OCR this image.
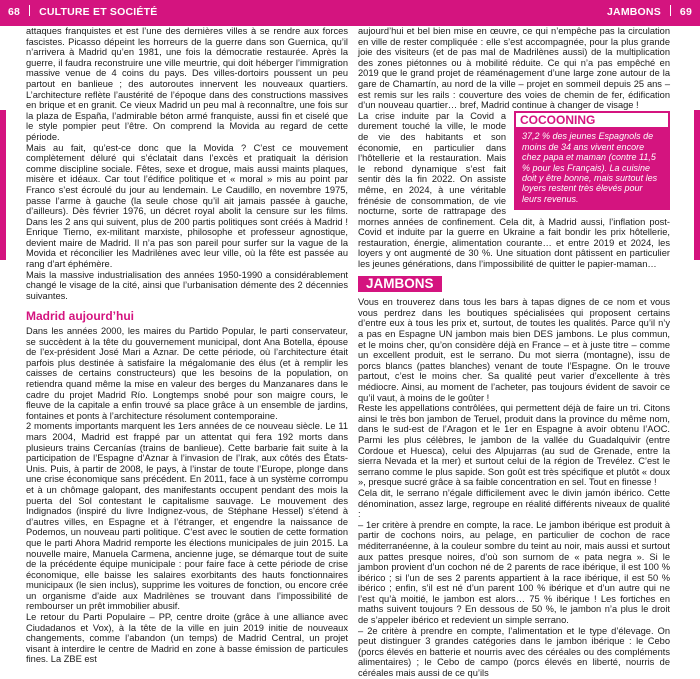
68 CULTURE ET SOCIÉTÉ	JAMBONS 69

attaques franquistes et est l’une des dernières villes à se rendre aux forces fascistes. Picasso dépeint les horreurs de la guerre dans son Guernica, qu’il n’arrivera à Madrid qu’en 1981, une fois la démocratie restaurée. Après la guerre, il faudra reconstruire une ville meurtrie, qui doit héberger l’immigration massive venue de 4 coins du pays. Des villes-dortoirs poussent un peu partout en banlieue ; des autoroutes innervent les nouveaux quartiers. L’architecture reflète l’austérité de l’époque dans des constructions massives en brique et en granit. Ce vieux Madrid un peu mal à reconnaître, une fois sur la plaza de España, l’admirable béton armé franquiste, aussi fin et ciselé que le style pompier peut l’être. On comprend la Movida au regard de cette période.

Mais au fait, qu’est-ce donc que la Movida ? C’est ce mouvement complètement déluré qui s’éclatait dans l’excès et pratiquait la dérision comme discipline sociale. Fêtes, sexe et drogue, mais aussi maints plaques, misère et idéaux. Car tout l’édifice politique et « moral » mis au point par Franco s’est écroulé du jour au lendemain. Le Caudillo, en novembre 1975, passe l’arme à gauche (la seule chose qu’il ait jamais passée à gauche, d’ailleurs). Dès février 1976, un décret royal abolit la censure sur les films. Dans les 2 ans qui suivent, plus de 200 partis politiques sont créés à Madrid ! Enrique Tierno, ex-militant marxiste, philosophe et professeur agnostique, devient maire de Madrid. Il n’a pas son pareil pour surfer sur la vague de la Movida et réconcilier les Madrilènes avec leur ville, où la fête est passée au rang d’art éphémère.

Mais la massive industrialisation des années 1950-1990 a considérablement changé le visage de la cité, ainsi que l’urbanisation démente des 2 décennies suivantes.

Madrid aujourd’hui

Dans les années 2000, les maires du Partido Popular, le parti conservateur, se succèdent à la tête du gouvernement municipal, dont Ana Botella, épouse de l’ex-président José Mari a Aznar. De cette période, où l’architecture était parfois plus destinée à satisfaire la mégalomanie des élus (et à remplir les caisses de certains constructeurs) que les besoins de la population, on retiendra quand même la mise en valeur des berges du Manzanares dans le cadre du projet Madrid Río. Longtemps snobé pour son maigre cours, le fleuve de la capitale a enfin trouvé sa place grâce à un ensemble de jardins, fontaines et ponts à l’architecture résolument contemporaine.

2 moments importants marquent les 1ers années de ce nouveau siècle. Le 11 mars 2004, Madrid est frappé par un attentat qui fera 192 morts dans plusieurs trains Cercanías (trains de banlieue). Cette barbarie fait suite à la participation de l’Espagne d’Aznar à l’invasion de l’Irak, aux côtés des États-Unis. Puis, à partir de 2008, le pays, à l’instar de toute l’Europe, plonge dans une crise économique sans précédent. En 2011, face à un système corrompu et à un chômage galopant, des manifestants occupent pendant des mois la puerta del Sol contestant le capitalisme sauvage. Le mouvement des Indignados (inspiré du livre Indignez-vous, de Stéphane Hessel) s’étend à d’autres villes, en Espagne et à l’étranger, et engendre la naissance de Podemos, un nouveau parti politique. C’est avec le soutien de cette formation que le parti Ahora Madrid remporte les élections municipales de juin 2015. La nouvelle maire, Manuela Carmena, ancienne juge, se démarque tout de suite de la précédente équipe municipale : pour faire face à cette période de crise économique, elle baisse les salaires exorbitants des hauts fonctionnaires municipaux (le sien inclus), supprime les voitures de fonction, ou encore crée un organisme d’aide aux Madrilènes se trouvant dans l’impossibilité de rembourser un prêt immobilier abusif.

Le retour du Parti Populaire – PP, centre droite (grâce à une alliance avec Ciudadanos et Vox), à la tête de la ville en juin 2019 initie de nouveaux changements, comme l’abandon (un temps) de Madrid Central, un projet visant à interdire le centre de Madrid en zone à basse émission de particules fines. La ZBE est

aujourd’hui et bel bien mise en œuvre, ce qui n’empêche pas la circulation en ville de rester compliquée : elle s’est accompagnée, pour la plus grande joie des visiteurs (et de pas mal de Madrilènes aussi) de la multiplication des zones piétonnes ou à mobilité réduite. Ce qui n’a pas empêché en 2019 que le grand projet de réaménagement d’une large zone autour de la gare de Chamartín, au nord de la ville – projet en sommeil depuis 25 ans – est remis sur les rails : couverture des voies de chemin de fer, édification d’un nouveau quartier… bref, Madrid continue à changer de visage !

COCOONING
37,2 % des jeunes Espagnols de moins de 34 ans vivent encore chez papa et maman (contre 11,5 % pour les Français). La cuisine doit y être bonne, mais surtout les loyers restent très élevés pour leurs revenus.

La crise induite par la Covid a durement touché la ville, le mode de vie des habitants et son économie, en particulier dans l’hôtellerie et la restauration. Mais le rebond dynamique s’est fait sentir dès la fin 2022. On assiste même, en 2024, à une véritable frénésie de consommation, de vie nocturne, sorte de rattrapage des mornes années de confinement. Cela dit, à Madrid aussi, l’inflation post-Covid et induite par la guerre en Ukraine a fait bondir les prix hôtellerie, restauration, énergie, alimentation courante… et entre 2019 et 2024, les loyers y ont augmenté de 30 %. Une situation dont pâtissent en particulier les jeunes générations, dans l’impossibilité de quitter le papier-maman…

JAMBONS

Vous en trouverez dans tous les bars à tapas dignes de ce nom et vous vous perdrez dans les boutiques spécialisées qui proposent certains d’entre eux à tous les prix et, surtout, de toutes les qualités. Parce qu’il n’y a pas en Espagne UN jambon mais bien DES jambons. Le plus commun, et le moins cher, qu’on considère déjà en France – et à juste titre – comme un excellent produit, est le serrano. Du mot sierra (montagne), issu de porcs blancs (pattes blanches) venant de toute l’Espagne. On le trouve partout, c’est le moins cher. Sa qualité peut varier d’excellente à très médiocre. Ainsi, au moment de l’acheter, pas toujours évident de savoir ce qu’il vaut, à moins de le goûter !

Reste les appellations contrôlées, qui permettent déjà de faire un tri. Citons ainsi le très bon jambon de Teruel, produit dans la province du même nom, dans le sud-est de l’Aragon et le 1er en Espagne à avoir obtenu l’AOC. Parmi les plus célèbres, le jambon de la vallée du Guadalquivir (entre Cordoue et Huesca), celui des Alpujarras (au sud de Grenade, entre la sierra Nevada et la mer) et surtout celui de la région de Trevélez. C’est le serrano comme le plus sapide. Son goût est très spécifique et plutôt « doux », presque sucré grâce à sa faible concentration en sel. Tout en finesse !

Cela dit, le serrano n’égale difficilement avec le divin jamón ibérico. Cette dénomination, assez large, regroupe en réalité différents niveaux de qualité :

– 1er critère à prendre en compte, la race. Le jambon ibérique est produit à partir de cochons noirs, au pelage, en particulier de cochon de race méditerranéenne, à la couleur sombre du teint au noir, mais aussi et surtout aux pattes presque noires, d’où son surnom de « pata negra ». Si le jambon provient d’un cochon né de 2 parents de race ibérique, il est 100 % ibérico ; si l’un de ses 2 parents appartient à la race ibérique, il est 50 % ibérico ; enfin, s’il est né d’un parent 100 % ibérique et d’un autre qui ne l’est qu’à moitié, le jambon est alors… 75 % ibérique ! Les fortiches en maths suivent toujours ? En dessous de 50 %, le jambon n’a plus le droit de s’appeler ibérico et redevient un simple serrano.

– 2e critère à prendre en compte, l’alimentation et le type d’élevage. On peut distinguer 3 grandes catégories dans le jambon ibérique : le Cebo (porcs élevés en batterie et nourris avec des céréales ou des compléments alimentaires) ; le Cebo de campo (porcs élevés en liberté, nourris de céréales mais aussi de ce qu’ils
